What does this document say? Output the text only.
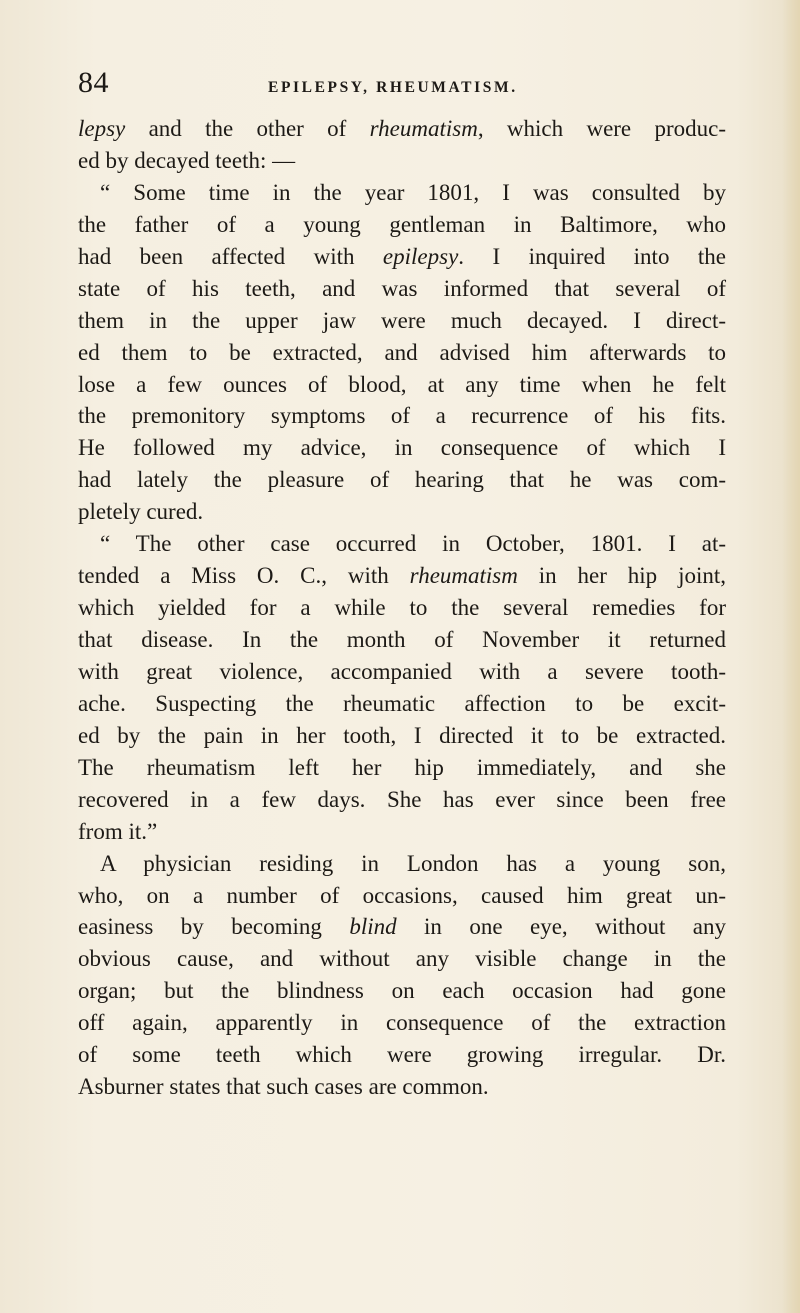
84	EPILEPSY, RHEUMATISM.
lepsy and the other of rheumatism, which were produc-
ed by decayed teeth: —
“ Some time in the year 1801, I was consulted by
the father of a young gentleman in Baltimore, who
had been affected with epilepsy. I inquired into the
state of his teeth, and was informed that several of
them in the upper jaw were much decayed. I direct-
ed them to be extracted, and advised him afterwards to
lose a few ounces of blood, at any time when he felt
the premonitory symptoms of a recurrence of his fits.
He followed my advice, in consequence of which I
had lately the pleasure of hearing that he was com-
pletely cured.
“ The other case occurred in October, 1801. I at-
tended a Miss O. C., with rheumatism in her hip joint,
which yielded for a while to the several remedies for
that disease. In the month of November it returned
with great violence, accompanied with a severe tooth-
ache. Suspecting the rheumatic affection to be excit-
ed by the pain in her tooth, I directed it to be extracted.
The rheumatism left her hip immediately, and she
recovered in a few days. She has ever since been free
from it.”
A physician residing in London has a young son,
who, on a number of occasions, caused him great un-
easiness by becoming blind in one eye, without any
obvious cause, and without any visible change in the
organ; but the blindness on each occasion had gone
off again, apparently in consequence of the extraction
of some teeth which were growing irregular. Dr.
Asburner states that such cases are common.
